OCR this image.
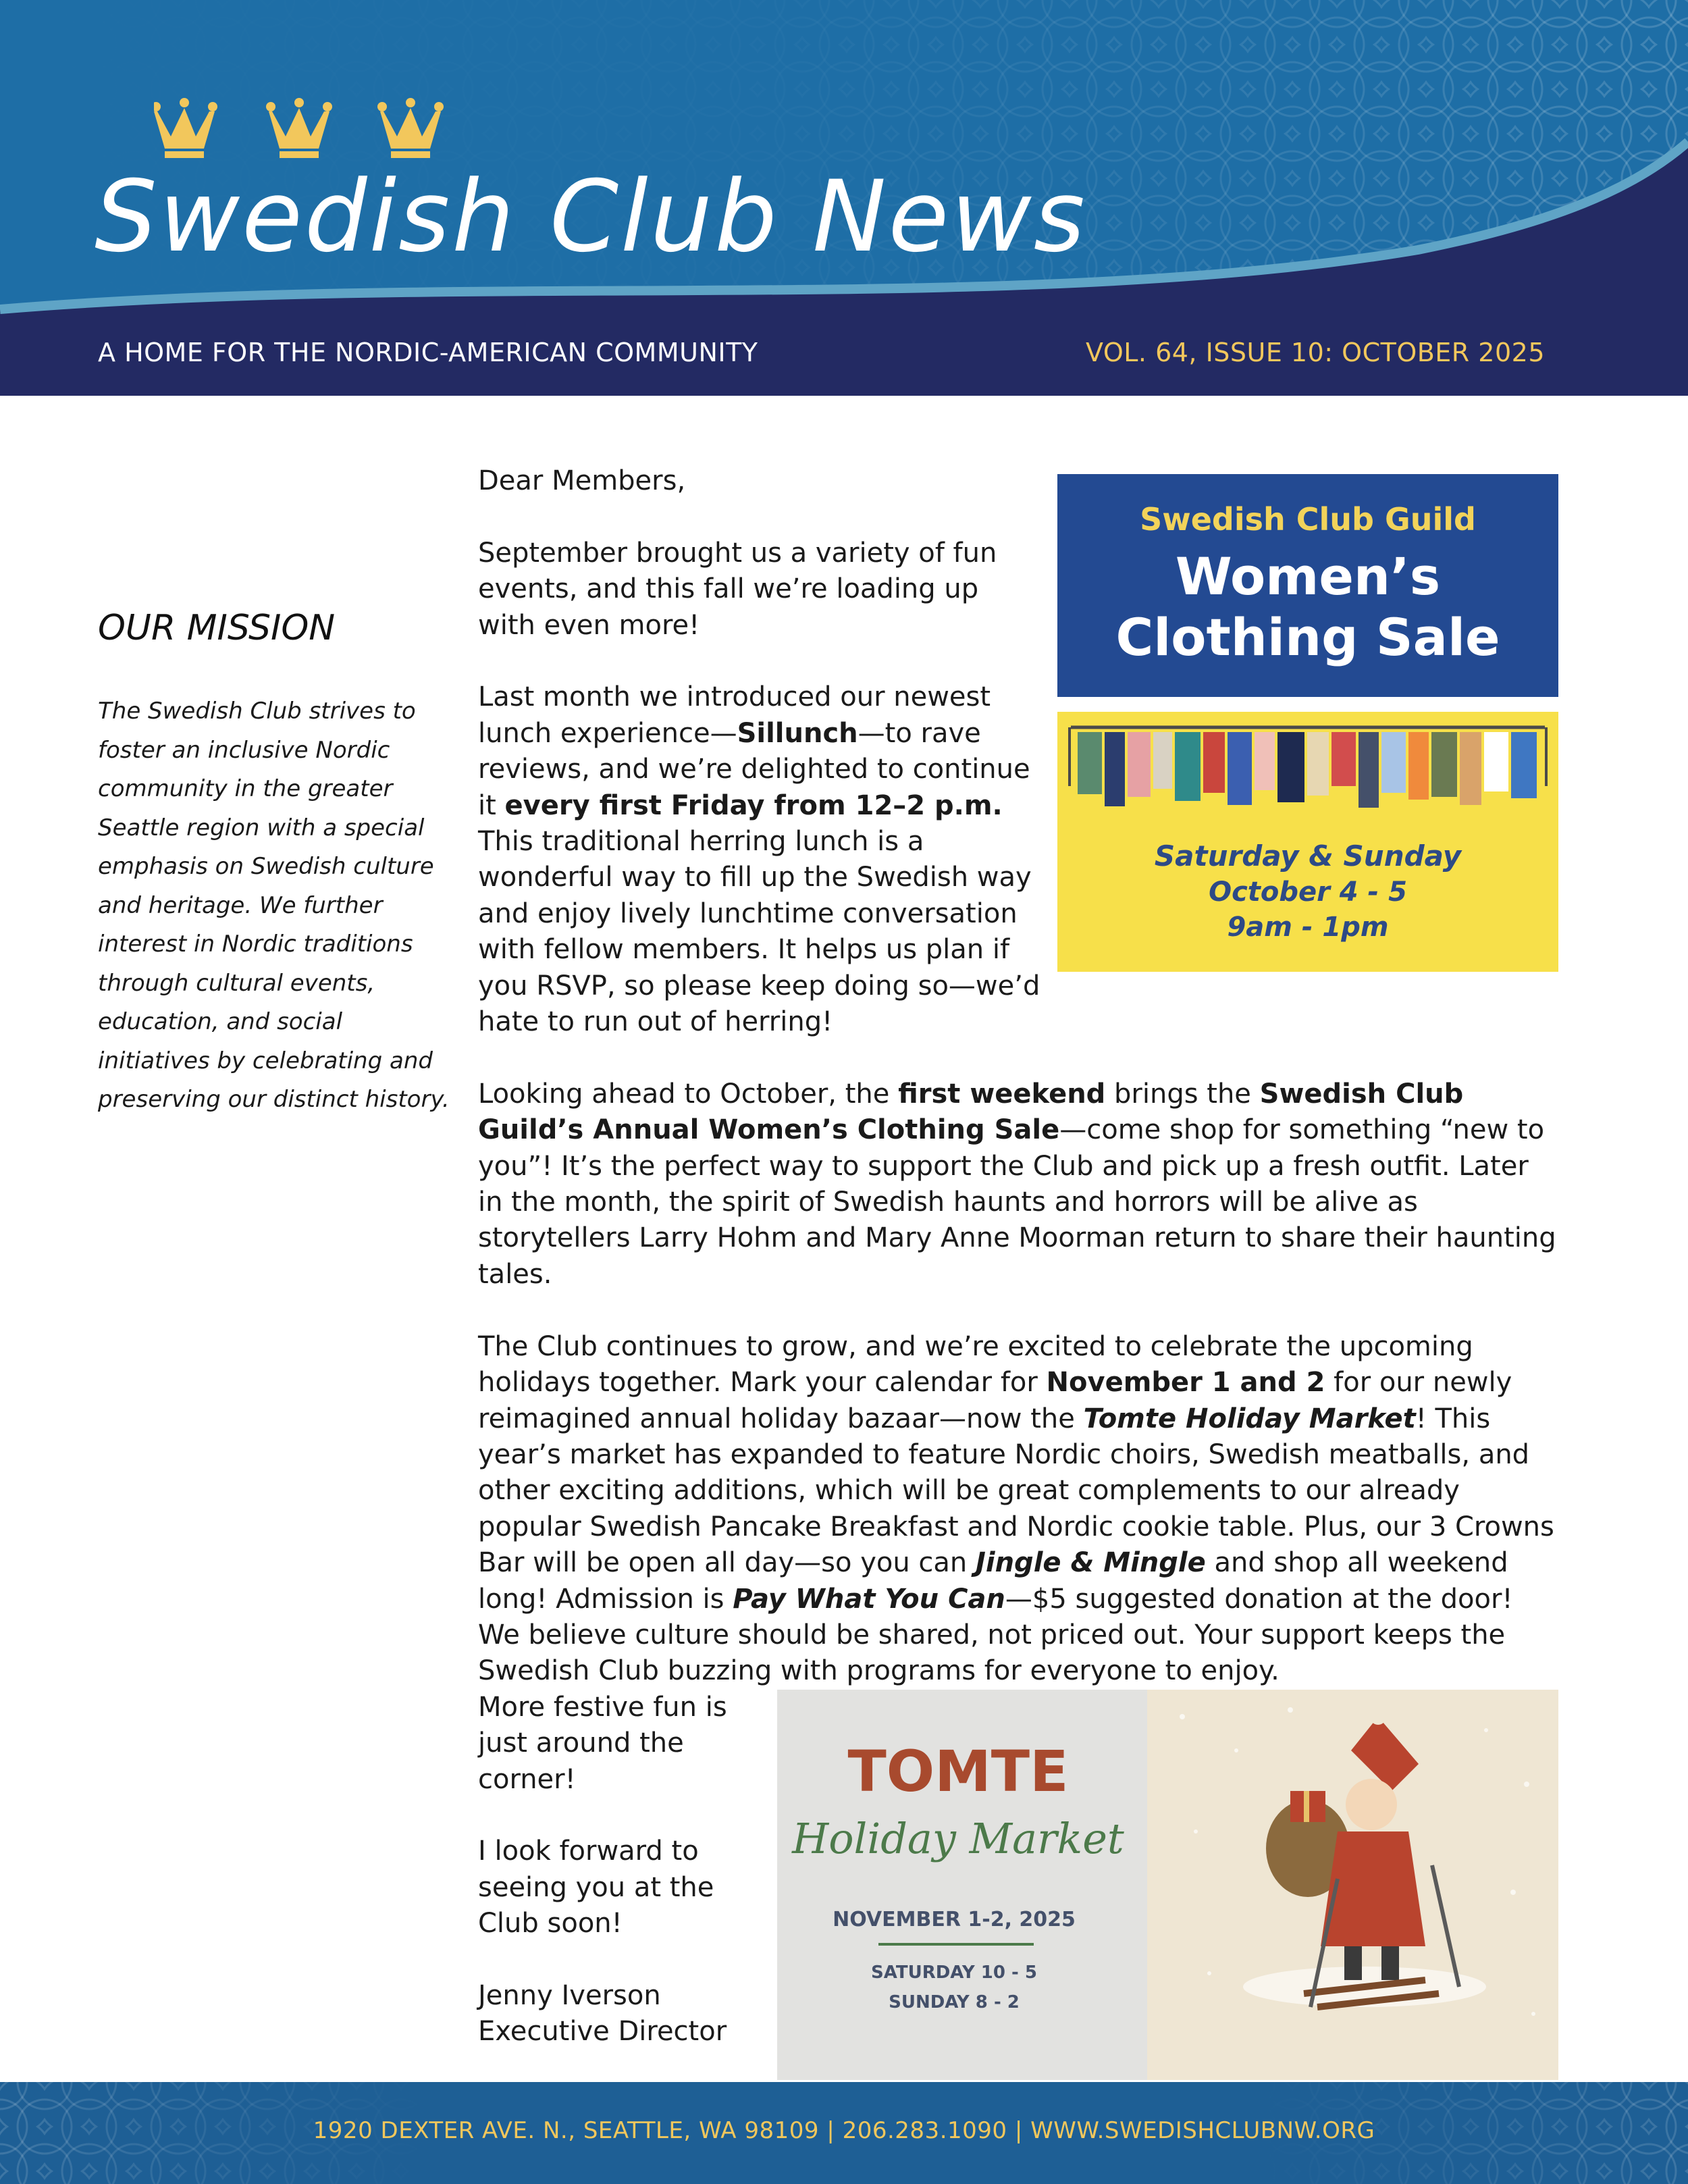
Swedish Club News
A HOME FOR THE NORDIC-AMERICAN COMMUNITY	VOL. 64, ISSUE 10: OCTOBER 2025
OUR MISSION

The Swedish Club strives to foster an inclusive Nordic community in the greater Seattle region with a special emphasis on Swedish culture and heritage. We further interest in Nordic traditions through cultural events, education, and social initiatives by celebrating and preserving our distinct history.

Swedish Club Guild
Women’s
Clothing Sale
Saturday & Sunday
October 4 - 5
9am - 1pm

Dear Members,

September brought us a variety of fun events, and this fall we’re loading up with even more!

Last month we introduced our newest lunch experience—Sillunch—to rave reviews, and we’re delighted to continue it every first Friday from 12–2 p.m. This traditional herring lunch is a wonderful way to fill up the Swedish way and enjoy lively lunchtime conversation with fellow members. It helps us plan if you RSVP, so please keep doing so—we’d hate to run out of herring!

Looking ahead to October, the first weekend brings the Swedish Club Guild’s Annual Women’s Clothing Sale—come shop for something “new to you”! It’s the perfect way to support the Club and pick up a fresh outfit. Later in the month, the spirit of Swedish haunts and horrors will be alive as storytellers Larry Hohm and Mary Anne Moorman return to share their haunting tales.

The Club continues to grow, and we’re excited to celebrate the upcoming holidays together. Mark your calendar for November 1 and 2 for our newly reimagined annual holiday bazaar—now the Tomte Holiday Market! This year’s market has expanded to feature Nordic choirs, Swedish meatballs, and other exciting additions, which will be great complements to our already popular Swedish Pancake Breakfast and Nordic cookie table. Plus, our 3 Crowns Bar will be open all day—so you can Jingle & Mingle and shop all weekend long! Admission is Pay What You Can—$5 suggested donation at the door! We believe culture should be shared, not priced out. Your support keeps the Swedish Club buzzing with programs for everyone to enjoy.

TOMTE
Holiday Market
NOVEMBER 1-2, 2025
SATURDAY 10 - 5
SUNDAY 8 - 2

More festive fun is just around the corner!

I look forward to seeing you at the Club soon!

Jenny Iverson
Executive Director

1920 DEXTER AVE. N., SEATTLE, WA 98109 | 206.283.1090 | WWW.SWEDISHCLUBNW.ORG
